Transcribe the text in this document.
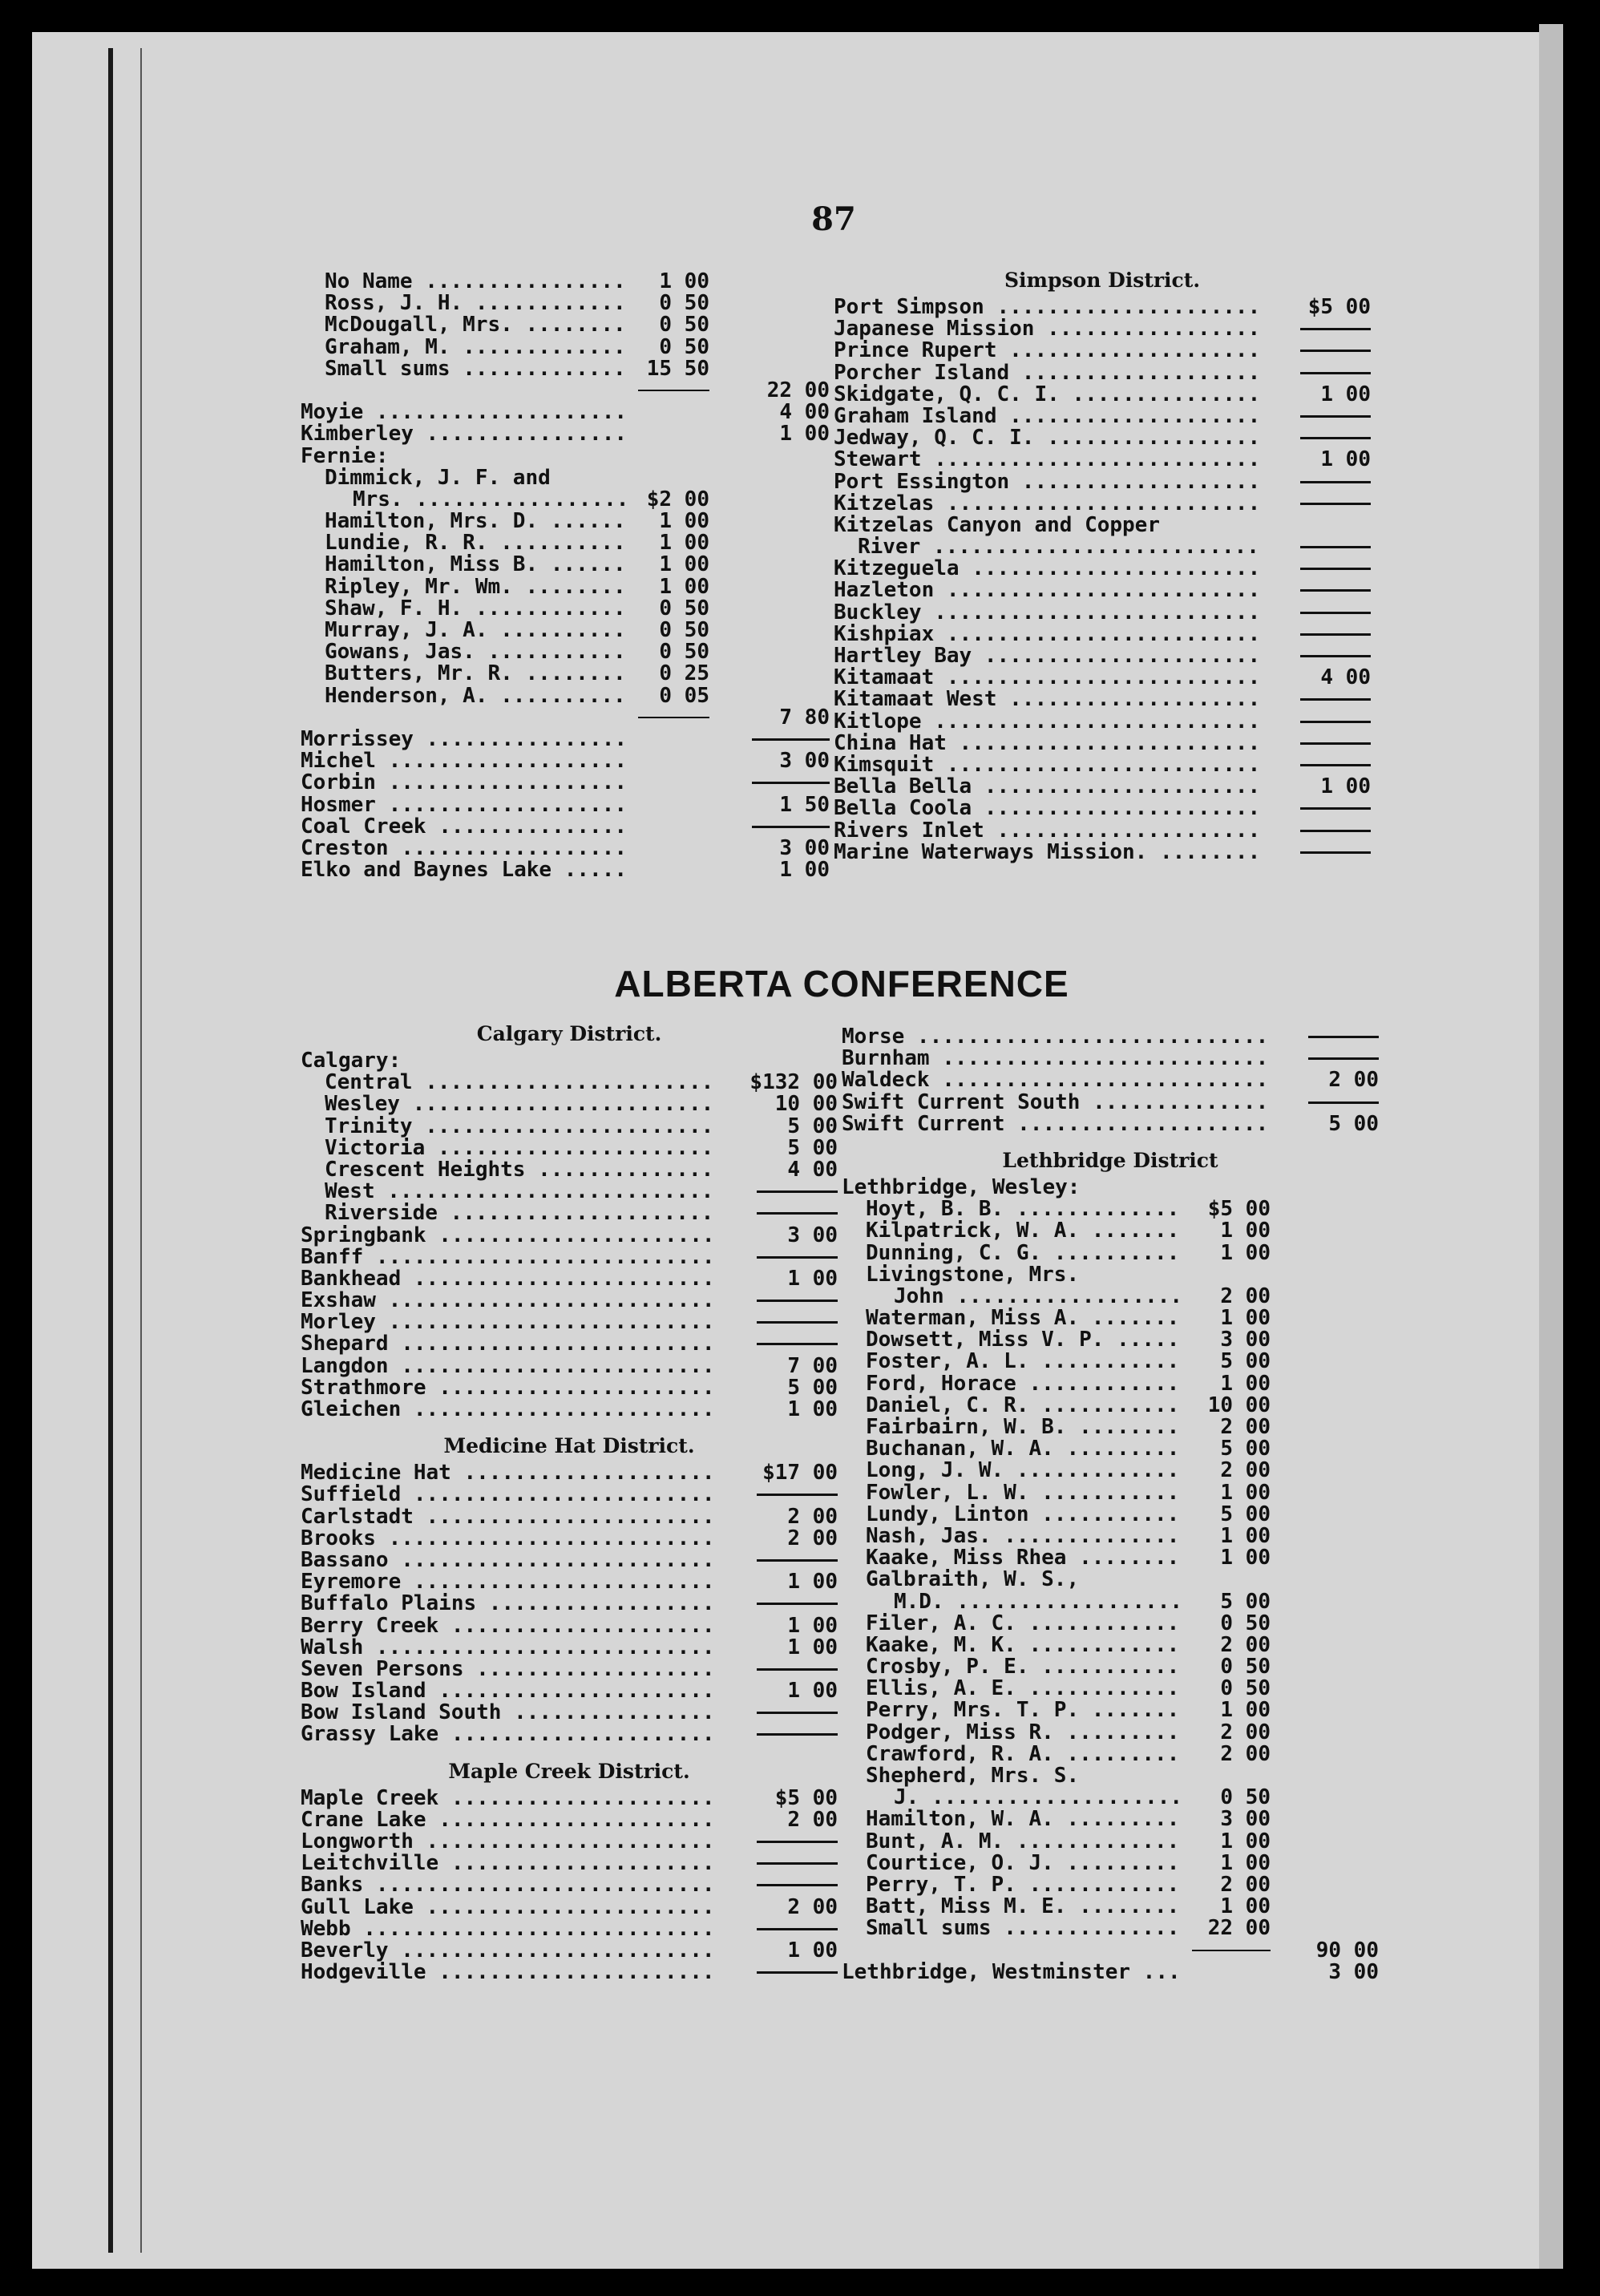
87
No Name .....	1 00
Ross, J. H. .....	0 50
McDougall, Mrs. .....	0 50
Graham, M. .....	0 50
Small sums .....	15 50
22 00
Moyie .....	4 00
Kimberley .....	1 00
Fernie:
Dimmick, J. F. and
Mrs. .....	$2 00
Hamilton, Mrs. D. .....	1 00
Lundie, R. R. .....	1 00
Hamilton, Miss B. .....	1 00
Ripley, Mr. Wm. .....	1 00
Shaw, F. H. .....	0 50
Murray, J. A. .....	0 50
Gowans, Jas. .....	0 50
Butters, Mr. R. .....	0 25
Henderson, A. .....	0 05
7 80
Morrissey .....
Michel .....	3 00
Corbin .....
Hosmer .....	1 50
Coal Creek .....
Creston .....	3 00
Elko and Baynes Lake .....	1 00
Simpson District.
Port Simpson .....	$5 00
Japanese Mission .....
Prince Rupert .....
Porcher Island .....
Skidgate, Q. C. I. .....	1 00
Graham Island .....
Jedway, Q. C. I. .....
Stewart .....	1 00
Port Essington .....
Kitzelas .....
Kitzelas Canyon and Copper
River .....
Kitzeguela .....
Hazleton .....
Buckley .....
Kishpiax .....
Hartley Bay .....
Kitamaat .....	4 00
Kitamaat West .....
Kitlope .....
China Hat .....
Kimsquit .....
Bella Bella .....	1 00
Bella Coola .....
Rivers Inlet .....
Marine Waterways Mission. .....
ALBERTA CONFERENCE
Calgary District.
Calgary:
Central .....	$132 00
Wesley .....	10 00
Trinity .....	5 00
Victoria .....	5 00
Crescent Heights .....	4 00
West .....
Riverside .....
Springbank .....	3 00
Banff .....
Bankhead .....	1 00
Exshaw .....
Morley .....
Shepard .....
Langdon .....	7 00
Strathmore .....	5 00
Gleichen .....	1 00
Medicine Hat District.
Medicine Hat .....	$17 00
Suffield .....
Carlstadt .....	2 00
Brooks .....	2 00
Bassano .....
Eyremore .....	1 00
Buffalo Plains .....
Berry Creek .....	1 00
Walsh .....	1 00
Seven Persons .....
Bow Island .....	1 00
Bow Island South .....
Grassy Lake .....
Maple Creek District.
Maple Creek .....	$5 00
Crane Lake .....	2 00
Longworth .....
Leitchville .....
Banks .....
Gull Lake .....	2 00
Webb .....
Beverly .....	1 00
Hodgeville .....
Morse .....
Burnham .....
Waldeck .....	2 00
Swift Current South .....
Swift Current .....	5 00
Lethbridge District
Lethbridge, Wesley:
Hoyt, B. B. .....	$5 00
Kilpatrick, W. A. .....	1 00
Dunning, C. G. .....	1 00
Livingstone, Mrs.
John .....	2 00
Waterman, Miss A. .....	1 00
Dowsett, Miss V. P. .....	3 00
Foster, A. L. .....	5 00
Ford, Horace .....	1 00
Daniel, C. R. .....	10 00
Fairbairn, W. B. .....	2 00
Buchanan, W. A. .....	5 00
Long, J. W. .....	2 00
Fowler, L. W. .....	1 00
Lundy, Linton .....	5 00
Nash, Jas. .....	1 00
Kaake, Miss Rhea .....	1 00
Galbraith, W. S.,
M.D. .....	5 00
Filer, A. C. .....	0 50
Kaake, M. K. .....	2 00
Crosby, P. E. .....	0 50
Ellis, A. E. .....	0 50
Perry, Mrs. T. P. .....	1 00
Podger, Miss R. .....	2 00
Crawford, R. A. .....	2 00
Shepherd, Mrs. S.
J. .....	0 50
Hamilton, W. A. .....	3 00
Bunt, A. M. .....	1 00
Courtice, O. J. .....	1 00
Perry, T. P. .....	2 00
Batt, Miss M. E. .....	1 00
Small sums .....	22 00
90 00
Lethbridge, Westminster .....	3 00
